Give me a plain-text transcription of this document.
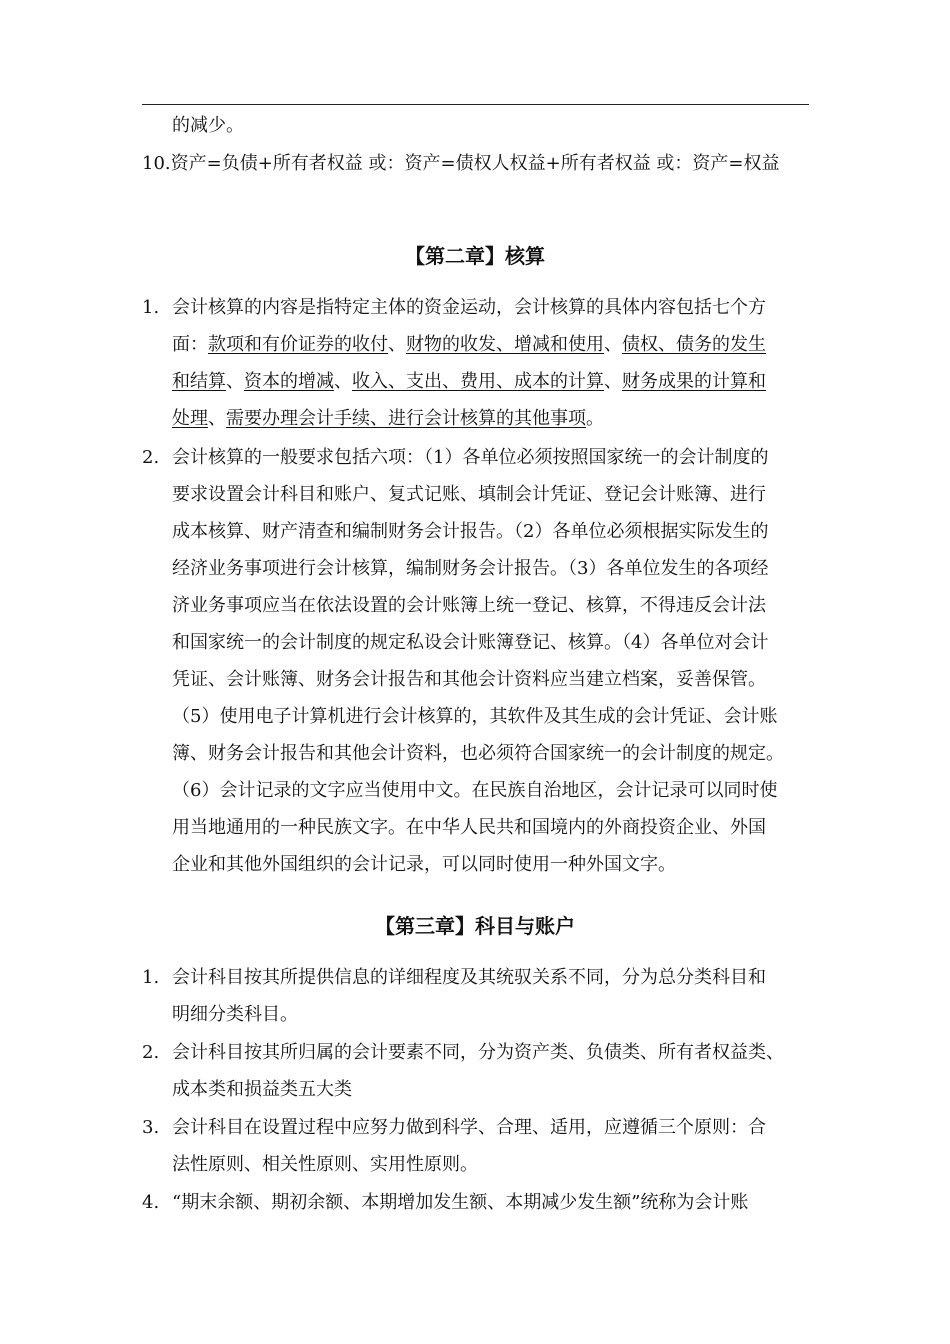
的减少。
10.资产=负债+所有者权益 或：资产=债权人权益+所有者权益 或：资产=权益
【第二章】核算
1. 会计核算的内容是指特定主体的资金运动，会计核算的具体内容包括七个方
面：款项和有价证券的收付、财物的收发、增减和使用、债权、债务的发生
和结算、资本的增减、收入、支出、费用、成本的计算、财务成果的计算和
处理、需要办理会计手续、进行会计核算的其他事项。
2. 会计核算的一般要求包括六项：（1）各单位必须按照国家统一的会计制度的
要求设置会计科目和账户、复式记账、填制会计凭证、登记会计账簿、进行
成本核算、财产清查和编制财务会计报告。（2）各单位必须根据实际发生的
经济业务事项进行会计核算，编制财务会计报告。（3）各单位发生的各项经
济业务事项应当在依法设置的会计账簿上统一登记、核算，不得违反会计法
和国家统一的会计制度的规定私设会计账簿登记、核算。（4）各单位对会计
凭证、会计账簿、财务会计报告和其他会计资料应当建立档案，妥善保管。
（5）使用电子计算机进行会计核算的，其软件及其生成的会计凭证、会计账
簿、财务会计报告和其他会计资料，也必须符合国家统一的会计制度的规定。
（6）会计记录的文字应当使用中文。在民族自治地区，会计记录可以同时使
用当地通用的一种民族文字。在中华人民共和国境内的外商投资企业、外国
企业和其他外国组织的会计记录，可以同时使用一种外国文字。
【第三章】科目与账户
1. 会计科目按其所提供信息的详细程度及其统驭关系不同，分为总分类科目和
明细分类科目。
2. 会计科目按其所归属的会计要素不同，分为资产类、负债类、所有者权益类、
成本类和损益类五大类
3. 会计科目在设置过程中应努力做到科学、合理、适用，应遵循三个原则：合
法性原则、相关性原则、实用性原则。
4. “期末余额、期初余额、本期增加发生额、本期减少发生额”统称为会计账
